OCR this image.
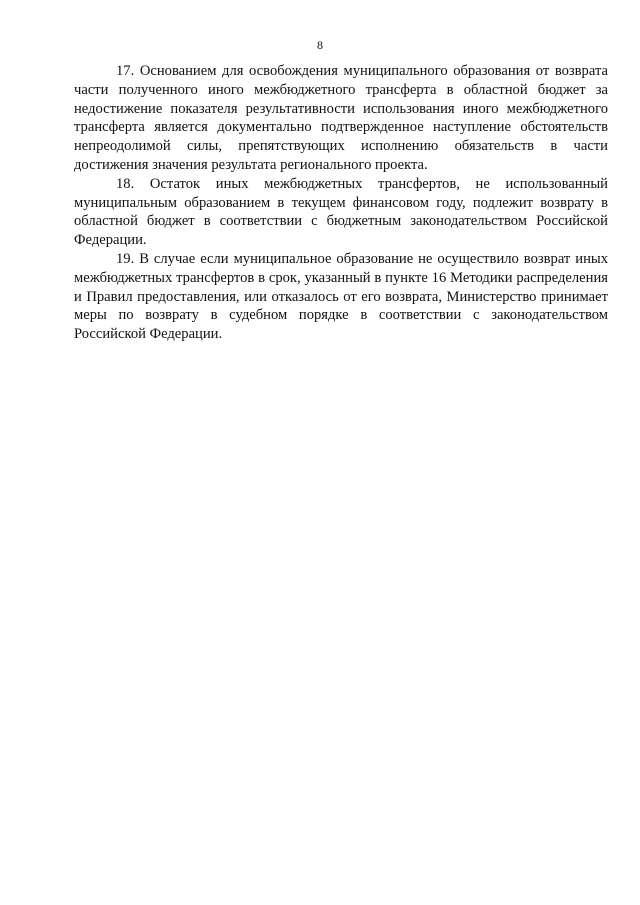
8

17. Основанием для освобождения муниципального образования от возврата части полученного иного межбюджетного трансферта в областной бюджет за недостижение показателя результативности использования иного межбюджетного трансферта является документально подтвержденное наступление обстоятельств непреодолимой силы, препятствующих исполнению обязательств в части достижения значения результата регионального проекта.

18. Остаток иных межбюджетных трансфертов, не использованный муниципальным образованием в текущем финансовом году, подлежит возврату в областной бюджет в соответствии с бюджетным законодательством Российской Федерации.

19. В случае если муниципальное образование не осуществило возврат иных межбюджетных трансфертов в срок, указанный в пункте 16 Методики распределения и Правил предоставления, или отказалось от его возврата, Министерство принимает меры по возврату в судебном порядке в соответствии с законодательством Российской Федерации.
